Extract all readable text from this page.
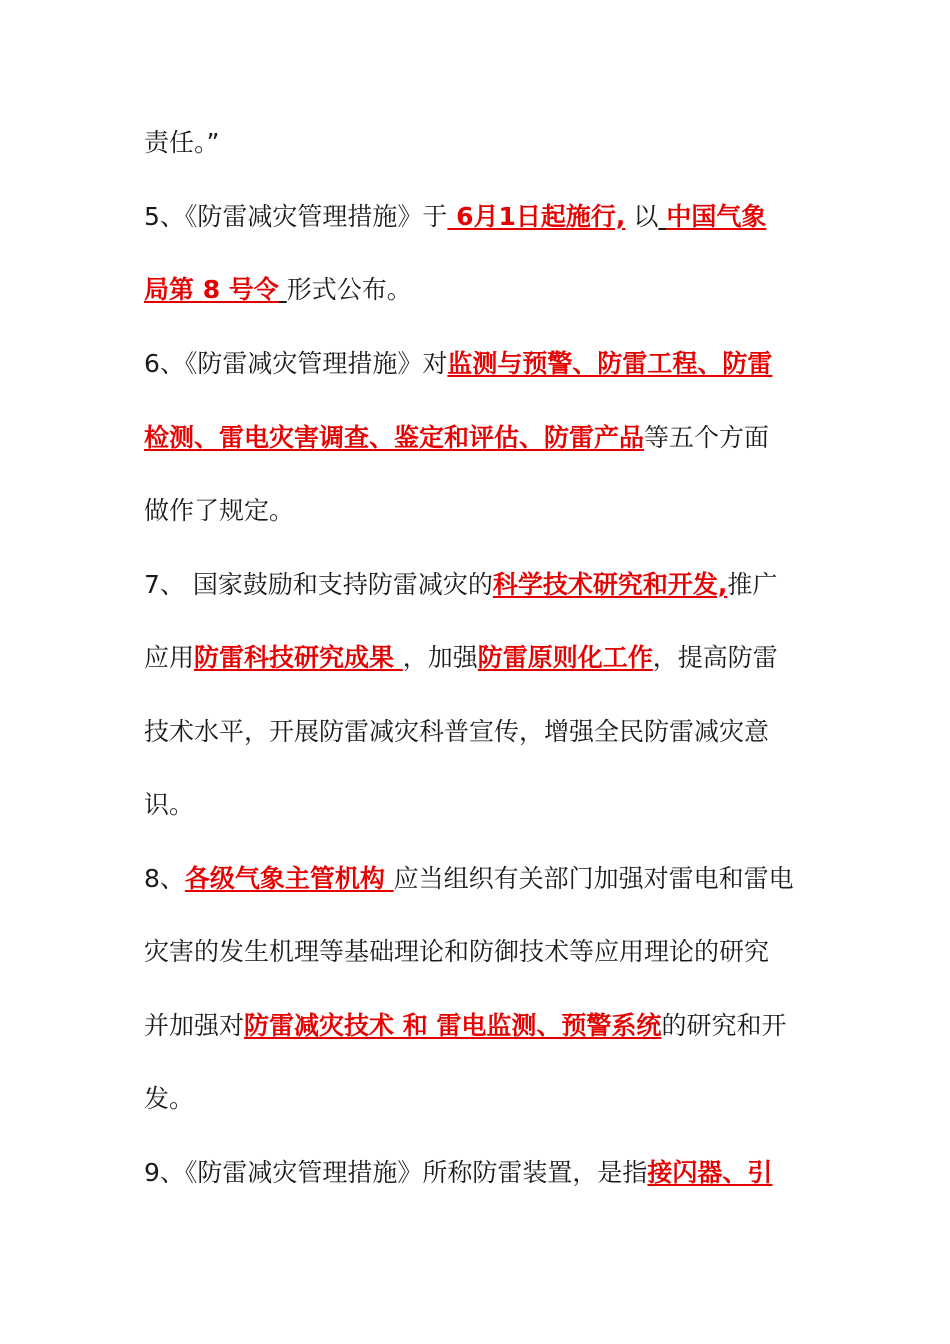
责任。”
5、《防雷减灾管理措施》于 6月1日起施行, 以 中国气象
局第 8 号令 形式公布。
6、《防雷减灾管理措施》对监测与预警、防雷工程、防雷
检测、雷电灾害调查、鉴定和评估、防雷产品等五个方面
做作了规定。
7、 国家鼓励和支持防雷减灾的科学技术研究和开发,推广
应用防雷科技研究成果 ，加强防雷原则化工作，提高防雷
技术水平，开展防雷减灾科普宣传，增强全民防雷减灾意
识。
8、各级气象主管机构 应当组织有关部门加强对雷电和雷电
灾害的发生机理等基础理论和防御技术等应用理论的研究
并加强对防雷减灾技术 和 雷电监测、预警系统的研究和开
发。
9、《防雷减灾管理措施》所称防雷装置，是指接闪器、引
